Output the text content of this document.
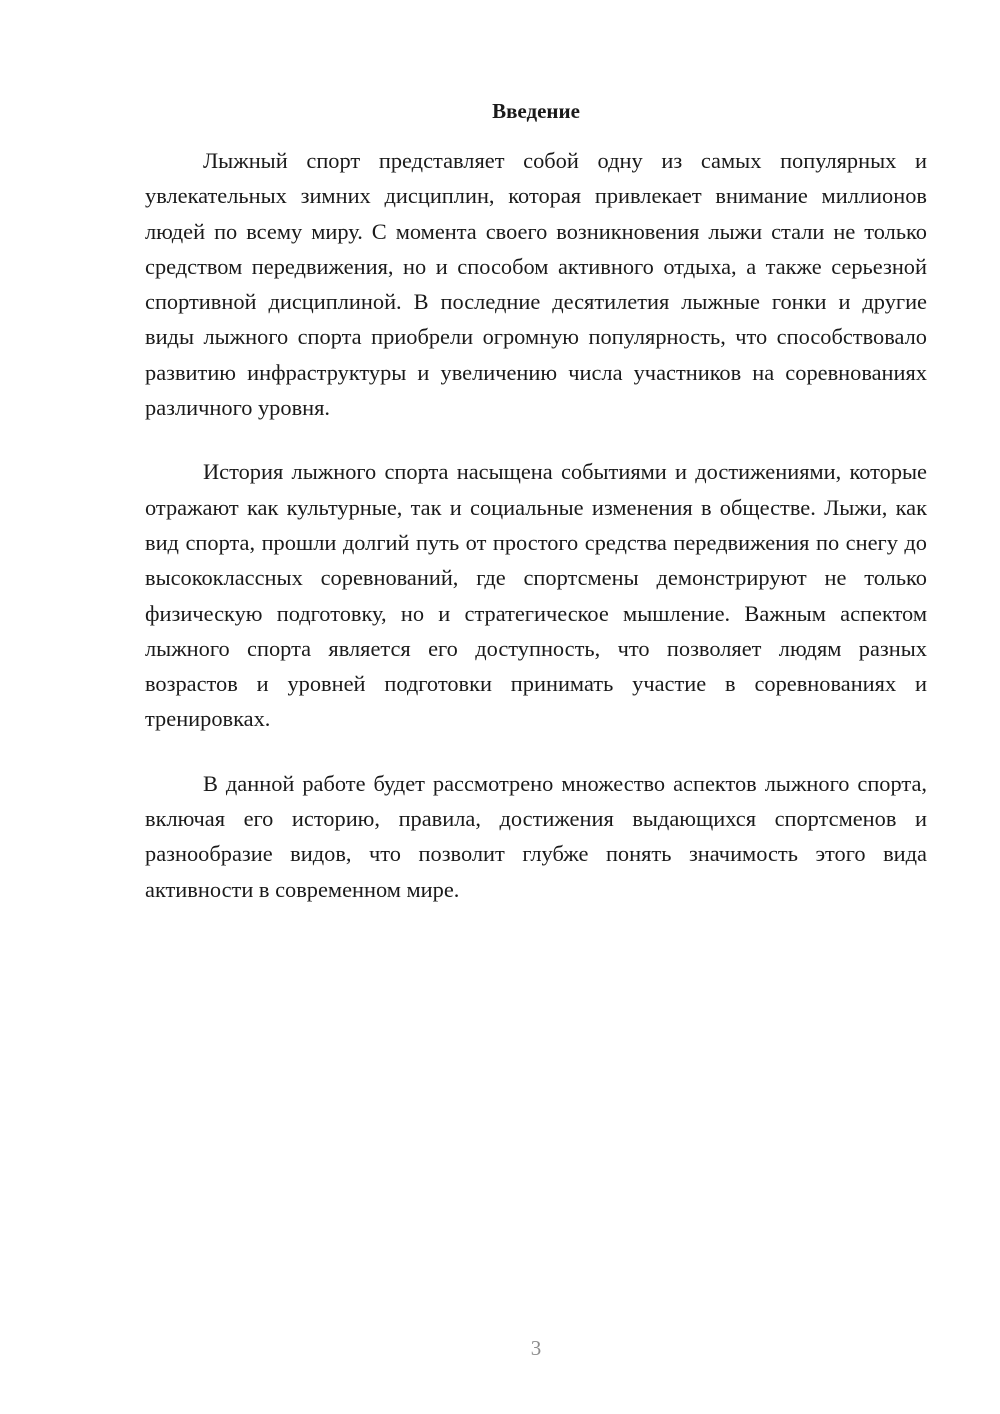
Введение

Лыжный спорт представляет собой одну из самых популярных и увлекательных зимних дисциплин, которая привлекает внимание миллионов людей по всему миру. С момента своего возникновения лыжи стали не только средством передвижения, но и способом активного отдыха, а также серьезной спортивной дисциплиной. В последние десятилетия лыжные гонки и другие виды лыжного спорта приобрели огромную популярность, что способствовало развитию инфраструктуры и увеличению числа участников на соревнованиях различного уровня.

История лыжного спорта насыщена событиями и достижениями, которые отражают как культурные, так и социальные изменения в обществе. Лыжи, как вид спорта, прошли долгий путь от простого средства передвижения по снегу до высококлассных соревнований, где спортсмены демонстрируют не только физическую подготовку, но и стратегическое мышление. Важным аспектом лыжного спорта является его доступность, что позволяет людям разных возрастов и уровней подготовки принимать участие в соревнованиях и тренировках.

В данной работе будет рассмотрено множество аспектов лыжного спорта, включая его историю, правила, достижения выдающихся спортсменов и разнообразие видов, что позволит глубже понять значимость этого вида активности в современном мире.

3
